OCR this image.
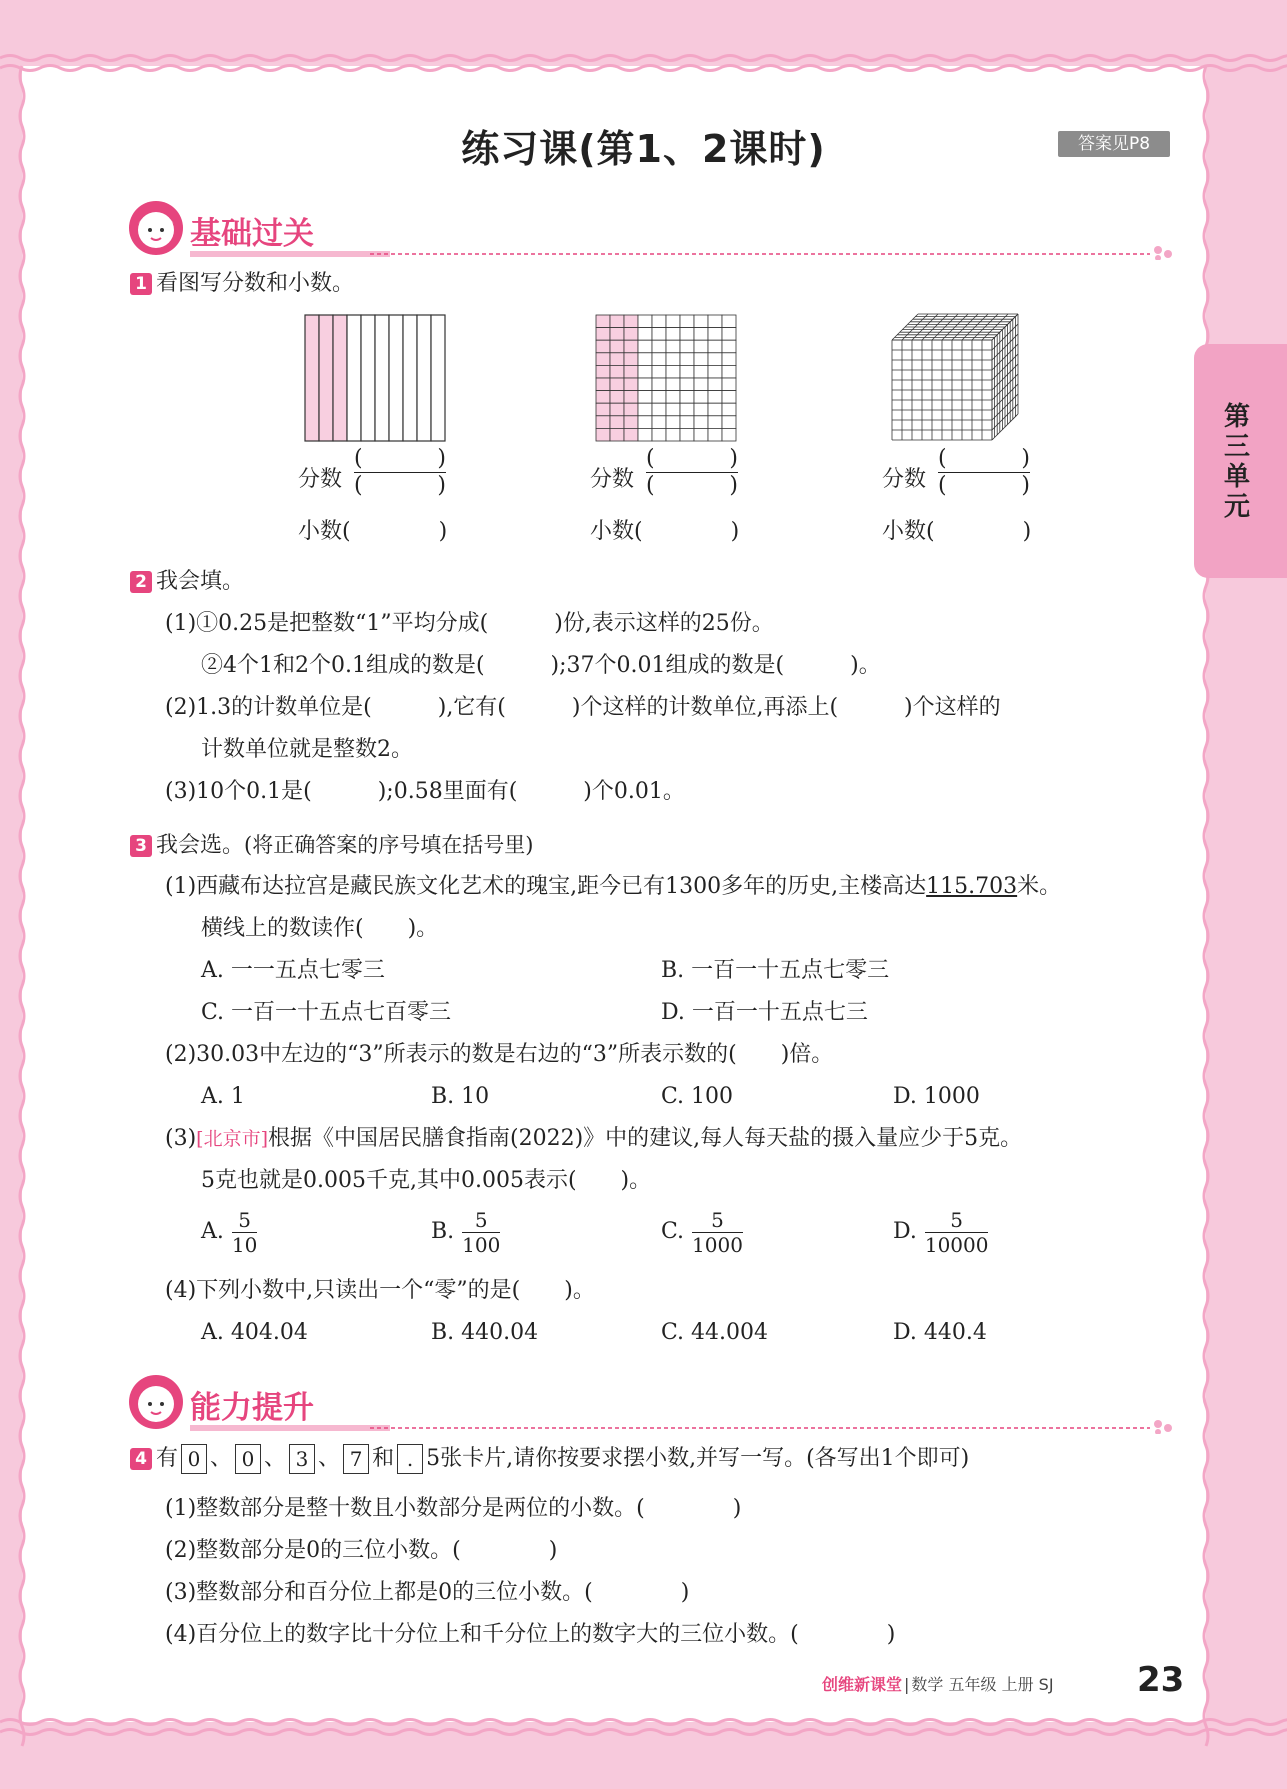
练习课(第1、2课时)	答案见P8
第三单元
基础过关
1 看图写分数和小数。
分数
(	)
(	)
小数(　　　　)
分数
(	)
(	)
小数(　　　　)
分数
(	)
(	)
小数(　　　　)
2 我会填。
(1)①0.25是把整数“1”平均分成(　　　)份,表示这样的25份。
②4个1和2个0.1组成的数是(　　　);37个0.01组成的数是(　　　)。
(2)1.3的计数单位是(　　　),它有(　　　)个这样的计数单位,再添上(　　　)个这样的
计数单位就是整数2。
(3)10个0.1是(　　　);0.58里面有(　　　)个0.01。
3 我会选。(将正确答案的序号填在括号里)
(1)西藏布达拉宫是藏民族文化艺术的瑰宝,距今已有1300多年的历史,主楼高达115.703米。
横线上的数读作(　　)。
A. 一一五点七零三	B. 一百一十五点七零三
C. 一百一十五点七百零三	D. 一百一十五点七三
(2)30.03中左边的“3”所表示的数是右边的“3”所表示数的(　　)倍。
A. 1	B. 10	C. 100	D. 1000
(3)[北京市]根据《中国居民膳食指南(2022)》中的建议,每人每天盐的摄入量应少于5克。
5克也就是0.005千克,其中0.005表示(　　)。
A. $\frac{5}{10}$	B. $\frac{5}{100}$	C. $\frac{5}{1000}$	D. $\frac{5}{10000}$
(4)下列小数中,只读出一个“零”的是(　　)。
A. 404.04	B. 440.04	C. 44.004	D. 440.4
能力提升
4 有 0 、 0 、 3 、 7 和 . 5张卡片,请你按要求摆小数,并写一写。(各写出1个即可)
(1)整数部分是整十数且小数部分是两位的小数。(　　　　)
(2)整数部分是0的三位小数。(　　　　)
(3)整数部分和百分位上都是0的三位小数。(　　　　)
(4)百分位上的数字比十分位上和千分位上的数字大的三位小数。(　　　　)
创维新课堂 | 数学 五年级 上册 SJ 23
